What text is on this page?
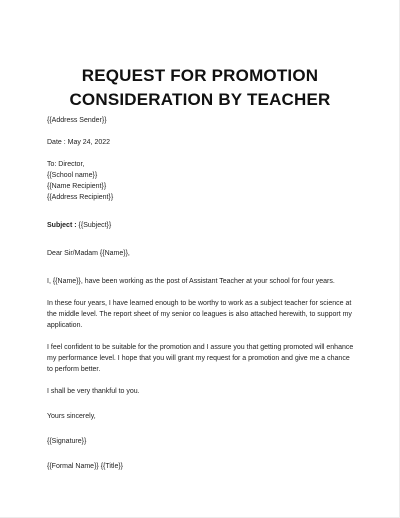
REQUEST FOR PROMOTION
CONSIDERATION BY TEACHER

{{Address Sender}}

Date : May 24, 2022

To: Director,

{{School name}}

{{Name Recipient}}

{{Address Recipient}}

Subject : {{Subject}}

Dear Sir/Madam {{Name}},

I, {{Name}}, have been working as the post of Assistant Teacher at your school for four years.

In these four years, I have learned enough to be worthy to work as a subject teacher for science at the middle level. The report sheet of my senior co leagues is also attached herewith, to support my application.

I feel confident to be suitable for the promotion and I assure you that getting promoted will enhance my performance level. I hope that you will grant my request for a promotion and give me a chance to perform better.

I shall be very thankful to you.

Yours sincerely,

{{Signature}}

{{Formal Name}} {{Title}}
